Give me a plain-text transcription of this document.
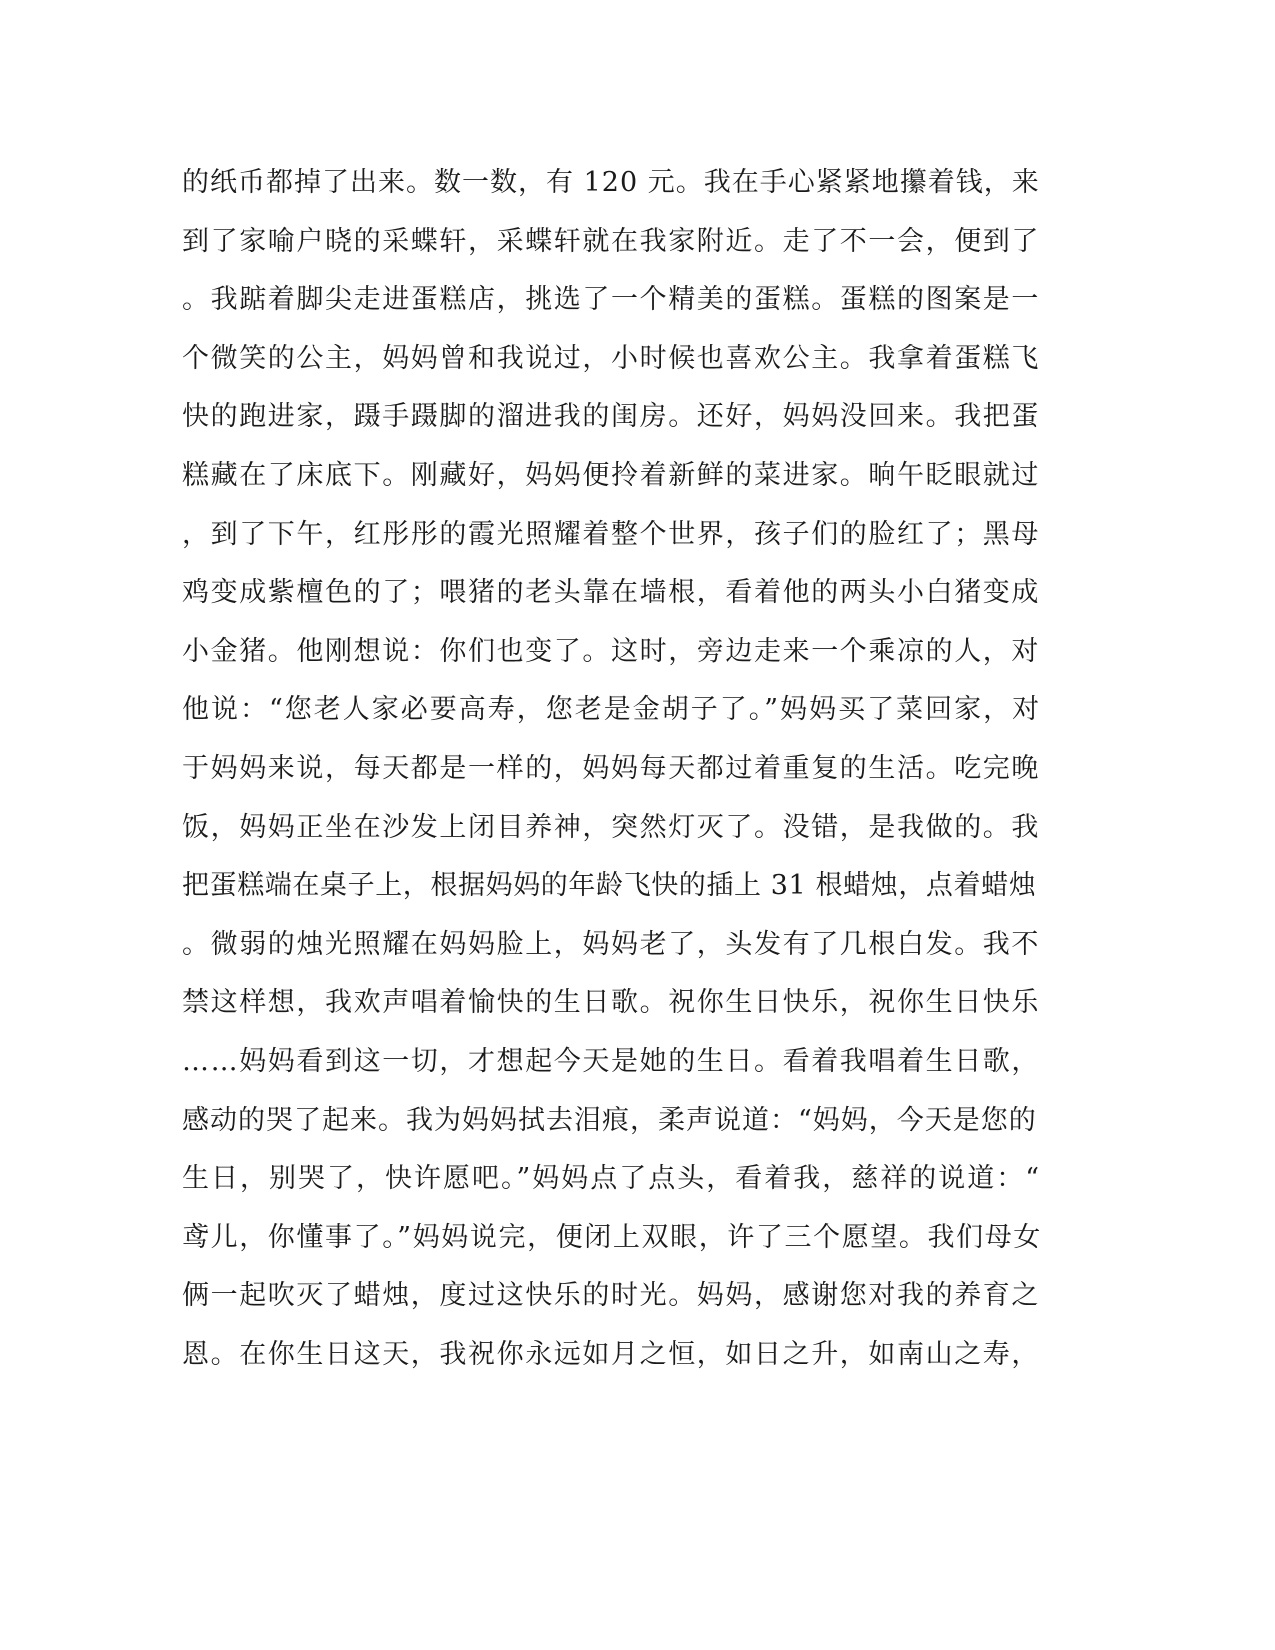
的纸币都掉了出来。数一数，有 120 元。我在手心紧紧地攥着钱，来
到了家喻户晓的采蝶轩，采蝶轩就在我家附近。走了不一会，便到了
。我踮着脚尖走进蛋糕店，挑选了一个精美的蛋糕。蛋糕的图案是一
个微笑的公主，妈妈曾和我说过，小时候也喜欢公主。我拿着蛋糕飞
快的跑进家，蹑手蹑脚的溜进我的闺房。还好，妈妈没回来。我把蛋
糕藏在了床底下。刚藏好，妈妈便拎着新鲜的菜进家。晌午眨眼就过
，到了下午，红彤彤的霞光照耀着整个世界，孩子们的脸红了；黑母
鸡变成紫檀色的了；喂猪的老头靠在墙根，看着他的两头小白猪变成
小金猪。他刚想说：你们也变了。这时，旁边走来一个乘凉的人，对
他说：“您老人家必要高寿，您老是金胡子了。”妈妈买了菜回家，对
于妈妈来说，每天都是一样的，妈妈每天都过着重复的生活。吃完晚
饭，妈妈正坐在沙发上闭目养神，突然灯灭了。没错，是我做的。我
把蛋糕端在桌子上，根据妈妈的年龄飞快的插上 31 根蜡烛，点着蜡烛
。微弱的烛光照耀在妈妈脸上，妈妈老了，头发有了几根白发。我不
禁这样想，我欢声唱着愉快的生日歌。祝你生日快乐，祝你生日快乐
……妈妈看到这一切，才想起今天是她的生日。看着我唱着生日歌，
感动的哭了起来。我为妈妈拭去泪痕，柔声说道：“妈妈，今天是您的
生日，别哭了，快许愿吧。”妈妈点了点头，看着我，慈祥的说道：“
鸢儿，你懂事了。”妈妈说完，便闭上双眼，许了三个愿望。我们母女
俩一起吹灭了蜡烛，度过这快乐的时光。妈妈，感谢您对我的养育之
恩。在你生日这天，我祝你永远如月之恒，如日之升，如南山之寿，
